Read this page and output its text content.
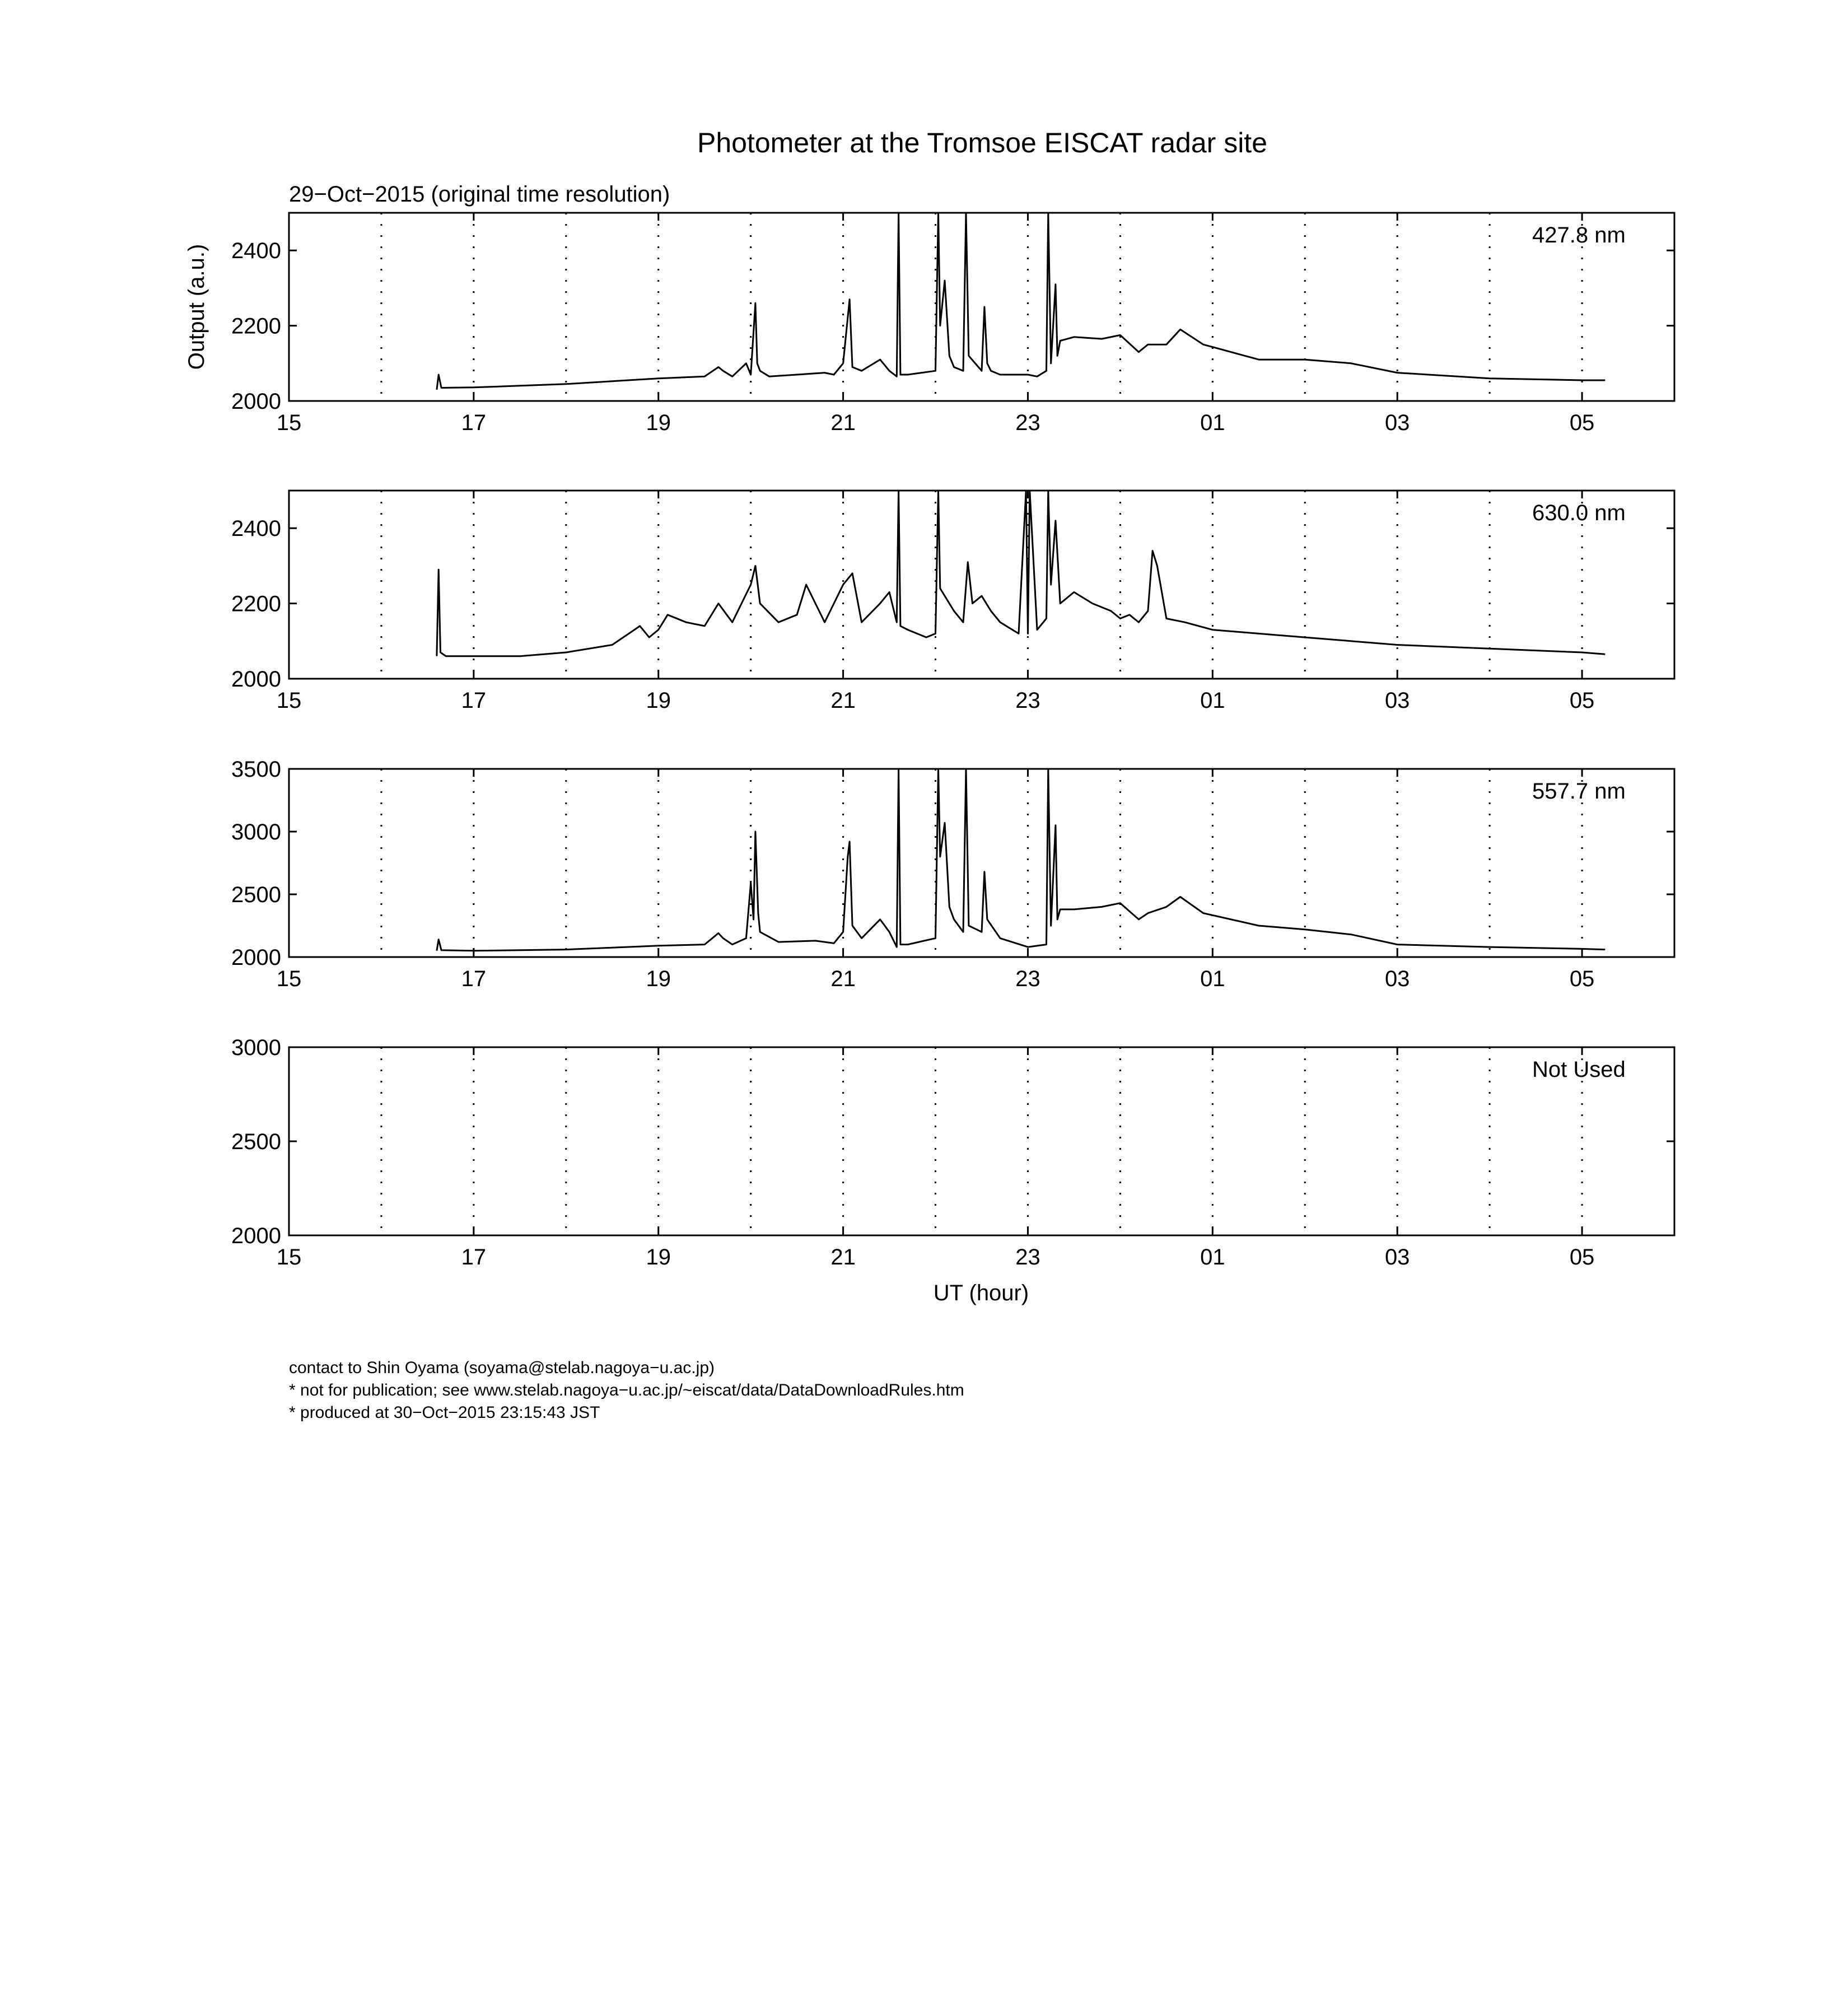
Photometer at the Tromsoe EISCAT radar site
29−Oct−2015 (original time resolution)
Output (a.u.)
UT (hour)
15	17	19	21	23	01	03	05
2000
2200
2400
427.8 nm
15	17	19	21	23	01	03	05
2000
2200
2400
630.0 nm
15	17	19	21	23	01	03	05
2000
2500
3000
3500
557.7 nm
15	17	19	21	23	01	03	05
2000
2500
3000
Not Used
contact to Shin Oyama (soyama@stelab.nagoya−u.ac.jp)
* not for publication; see www.stelab.nagoya−u.ac.jp/~eiscat/data/DataDownloadRules.htm
* produced at 30−Oct−2015 23:15:43 JST
